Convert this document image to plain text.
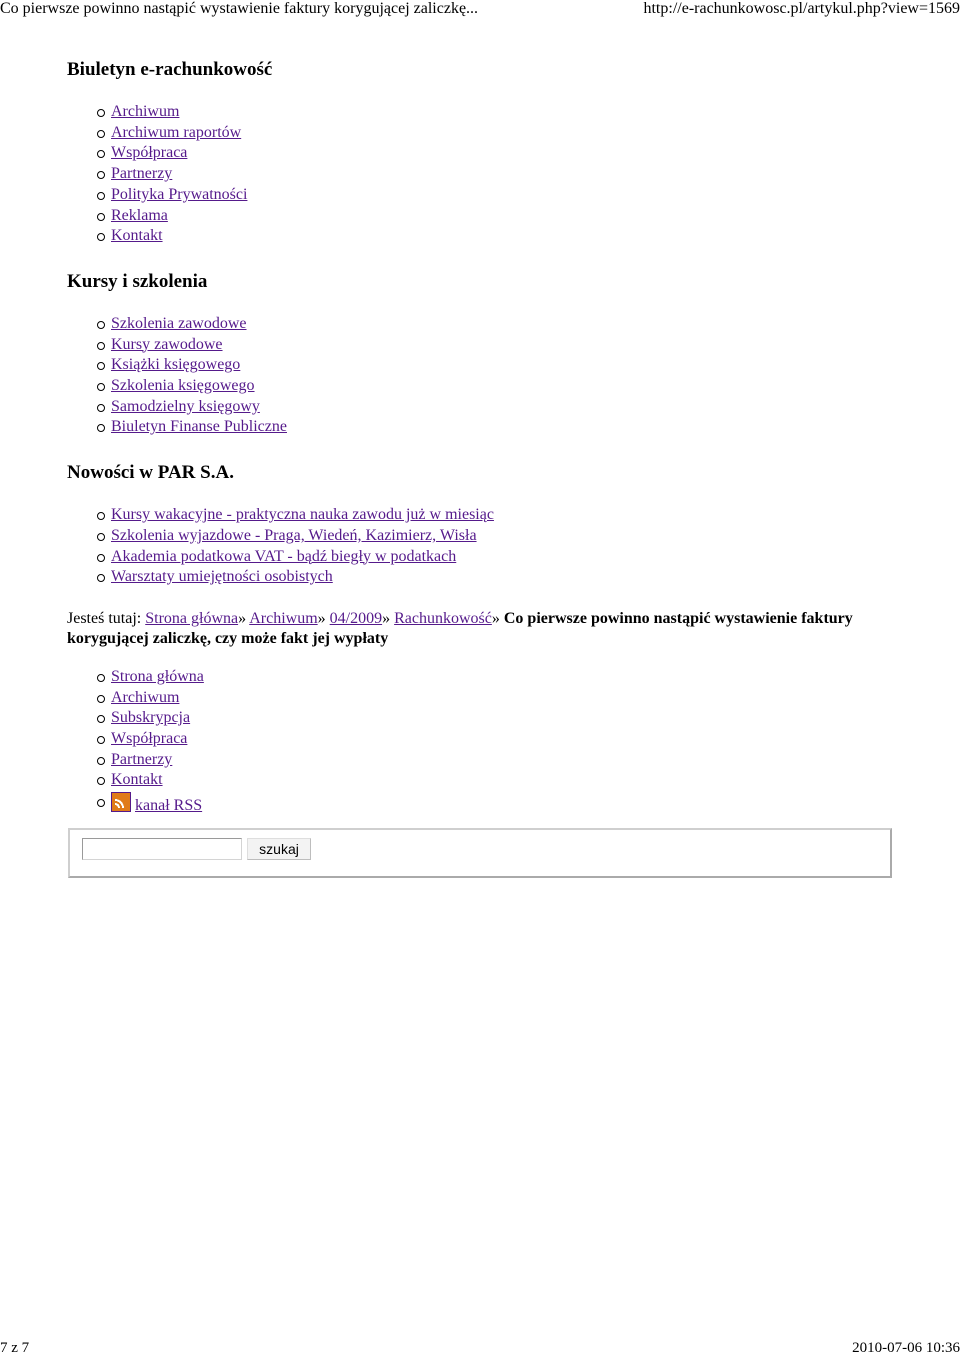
Co pierwsze powinno nastąpić wystawienie faktury korygującej zaliczkę...	http://e-rachunkowosc.pl/artykul.php?view=1569
Biuletyn e-rachunkowość
Archiwum
Archiwum raportów
Współpraca
Partnerzy
Polityka Prywatności
Reklama
Kontakt
Kursy i szkolenia
Szkolenia zawodowe
Kursy zawodowe
Książki księgowego
Szkolenia księgowego
Samodzielny księgowy
Biuletyn Finanse Publiczne
Nowości w PAR S.A.
Kursy wakacyjne - praktyczna nauka zawodu już w miesiąc
Szkolenia wyjazdowe - Praga, Wiedeń, Kazimierz, Wisła
Akademia podatkowa VAT - bądź biegły w podatkach
Warsztaty umiejętności osobistych
Jesteś tutaj: Strona główna» Archiwum» 04/2009» Rachunkowość» Co pierwsze powinno nastąpić wystawienie faktury korygującej zaliczkę, czy może fakt jej wypłaty
Strona główna
Archiwum
Subskrypcja
Współpraca
Partnerzy
Kontakt
kanał RSS
szukaj
7 z 7	2010-07-06 10:36
